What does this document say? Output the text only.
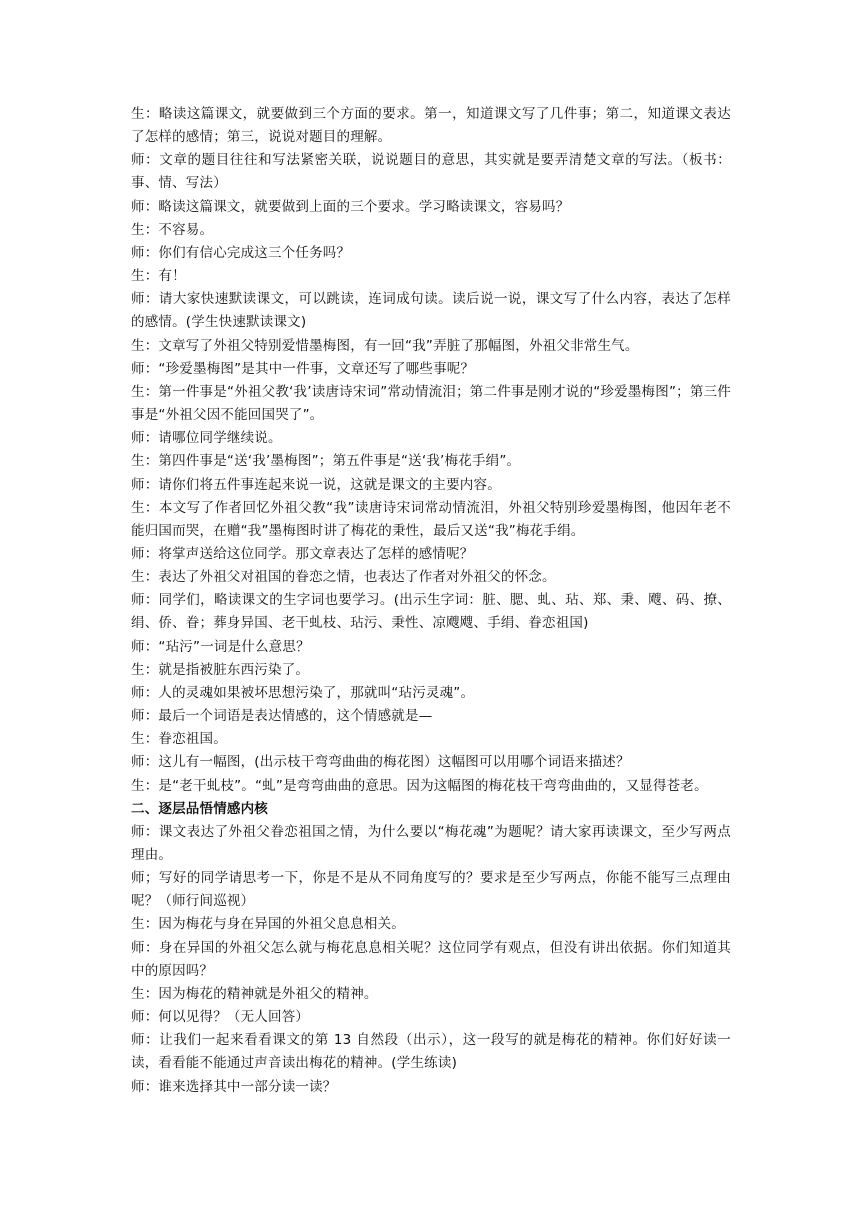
生：略读这篇课文，就要做到三个方面的要求。第一，知道课文写了几件事；第二，知道课文表达了怎样的感情；第三，说说对题目的理解。

师：文章的题目往往和写法紧密关联，说说题目的意思，其实就是要弄清楚文章的写法。（板书：事、情、写法）

师：略读这篇课文，就要做到上面的三个要求。学习略读课文，容易吗？

生：不容易。

师：你们有信心完成这三个任务吗？

生：有！

师：请大家快速默读课文，可以跳读，连词成句读。读后说一说，课文写了什么内容，表达了怎样的感情。(学生快速默读课文)

生：文章写了外祖父特别爱惜墨梅图，有一回“我”弄脏了那幅图，外祖父非常生气。

师：“珍爱墨梅图”是其中一件事，文章还写了哪些事呢？

生：第一件事是“外祖父教‘我’读唐诗宋词”常动情流泪；第二件事是刚才说的“珍爱墨梅图”；第三件事是“外祖父因不能回国哭了”。

师：请哪位同学继续说。

生：第四件事是“送‘我’墨梅图”；第五件事是“送‘我’梅花手绢”。

师：请你们将五件事连起来说一说，这就是课文的主要内容。

生：本文写了作者回忆外祖父教“我”读唐诗宋词常动情流泪，外祖父特别珍爱墨梅图，他因年老不能归国而哭，在赠“我”墨梅图时讲了梅花的秉性，最后又送“我”梅花手绢。

师：将掌声送给这位同学。那文章表达了怎样的感情呢？

生：表达了外祖父对祖国的眷恋之情，也表达了作者对外祖父的怀念。

师：同学们，略读课文的生字词也要学习。(出示生字词：脏、腮、虬、玷、郑、秉、飕、码、撩、绢、侨、眷；葬身异国、老干虬枝、玷污、秉性、凉飕飕、手绢、眷恋祖国)

师：“玷污”一词是什么意思？

生：就是指被脏东西污染了。

师：人的灵魂如果被坏思想污染了，那就叫“玷污灵魂”。

师：最后一个词语是表达情感的，这个情感就是—

生：眷恋祖国。

师：这儿有一幅图，(出示枝干弯弯曲曲的梅花图）这幅图可以用哪个词语来描述？

生：是“老干虬枝”。“虬”是弯弯曲曲的意思。因为这幅图的梅花枝干弯弯曲曲的，又显得苍老。

二、逐层品悟情感内核

师：课文表达了外祖父眷恋祖国之情，为什么要以“梅花魂”为题呢？请大家再读课文，至少写两点理由。

师；写好的同学请思考一下，你是不是从不同角度写的？要求是至少写两点，你能不能写三点理由呢？（师行间巡视）

生：因为梅花与身在异国的外祖父息息相关。

师：身在异国的外祖父怎么就与梅花息息相关呢？这位同学有观点，但没有讲出依据。你们知道其中的原因吗？

生：因为梅花的精神就是外祖父的精神。

师：何以见得？（无人回答）

师：让我们一起来看看课文的第 13 自然段（出示），这一段写的就是梅花的精神。你们好好读一读，看看能不能通过声音读出梅花的精神。(学生练读)

师：谁来选择其中一部分读一读？
